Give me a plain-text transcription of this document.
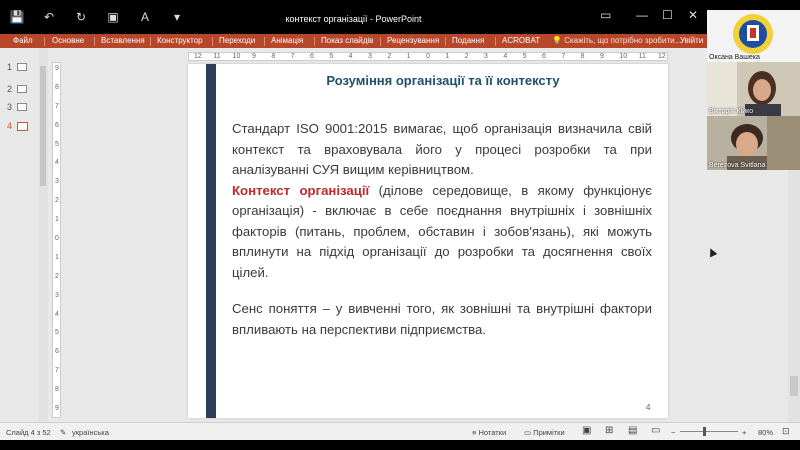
💾	↶	↻	▣	A	▾	контекст організації - PowerPoint	▭ — ☐ ✕
Файл Основне Вставлення Конструктор Переходи Анімація Показ слайдів Рецензування Подання ACROBAT 💡 Скажіть, що потрібно зробити...
Увійти
1
2
3
4
12 11 10 9 8 7 6 5 4 3 2 1 0 1 2 3 4 5 6 7 8 9 10 11 12
9
8
7
6
5
4
3
2
1
0
1
2
3
4
5
6
7
8
9
Розуміння організації та її контексту

Стандарт ISO 9001:2015 вимагає, щоб організація визначила свій контекст та враховувала його у процесі розробки та при аналізуванні СУЯ вищим керівництвом.

Контекст організації (ділове середовище, в якому функціонує організація) - включає в себе поєднання внутрішніх і зовнішніх факторів (питань, проблем, обставин і зобов'язань), які можуть вплинути на підхід організації до розробки та досягнення своїх цілей.

Сенс поняття – у вивченні того, як зовнішні та внутрішні фактори впливають на перспективи підприємства.

4
Оксана Вашека
Вікторія Кійко
Berezova Svitlana
Слайд 4 з 52 ✎ українська	≡ Нотатки ▭ Примітки ▣ ⊞ ▤ ▭ −	+ 80% ⊡
